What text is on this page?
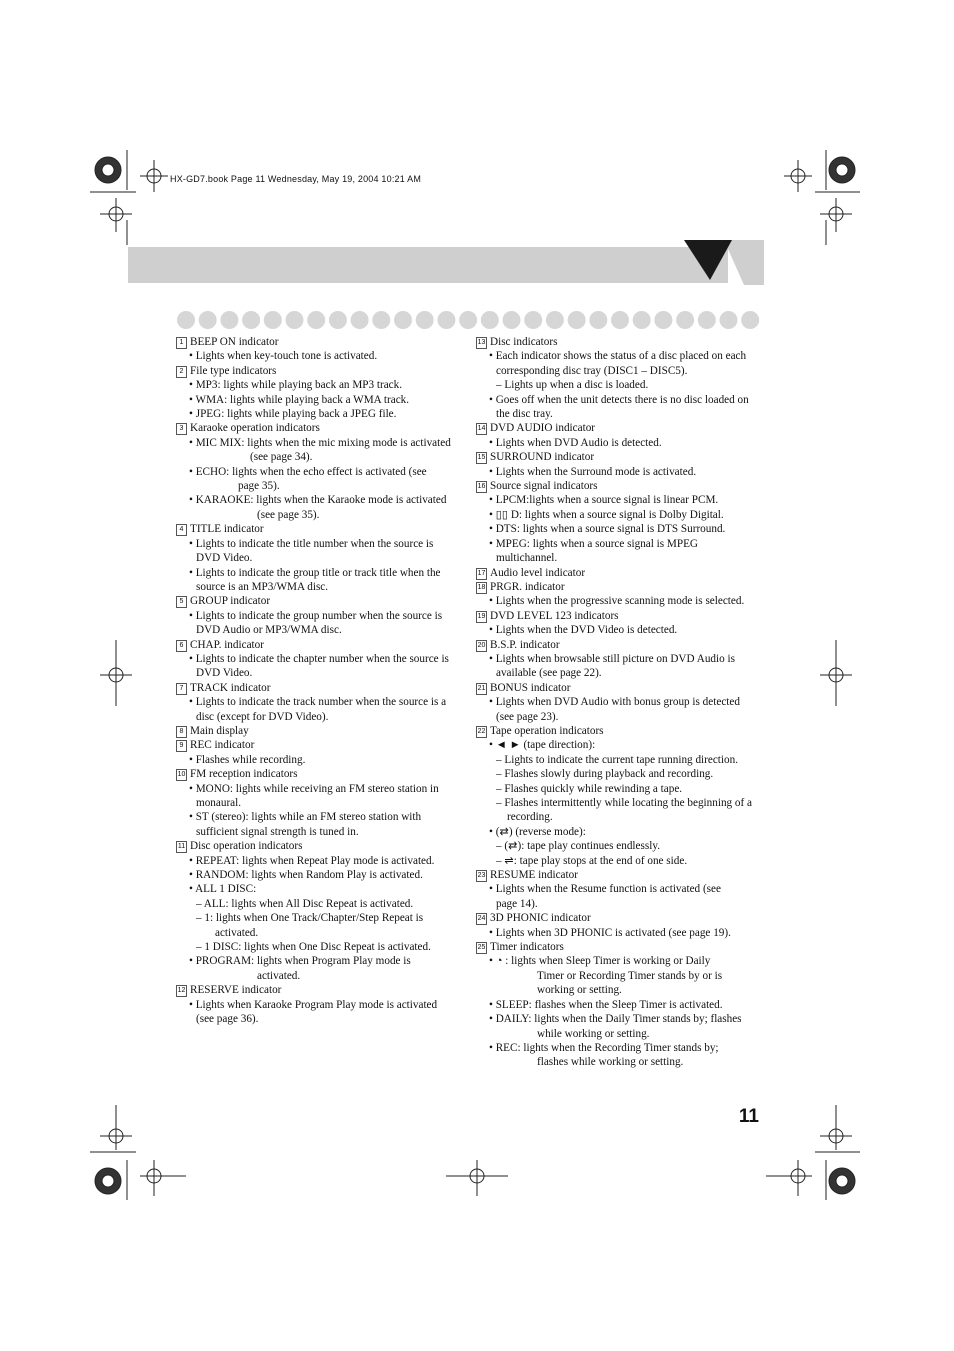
HX-GD7.book Page 11 Wednesday, May 19, 2004 10:21 AM
1 BEEP ON indicator
• Lights when key-touch tone is activated.
2 File type indicators
• MP3: lights while playing back an MP3 track.
• WMA: lights while playing back a WMA track.
• JPEG: lights while playing back a JPEG file.
3 Karaoke operation indicators
• MIC MIX: lights when the mic mixing mode is activated
(see page 34).
• ECHO: lights when the echo effect is activated (see
page 35).
• KARAOKE: lights when the Karaoke mode is activated
(see page 35).
4 TITLE indicator
• Lights to indicate the title number when the source is
DVD Video.
• Lights to indicate the group title or track title when the
source is an MP3/WMA disc.
5 GROUP indicator
• Lights to indicate the group number when the source is
DVD Audio or MP3/WMA disc.
6 CHAP. indicator
• Lights to indicate the chapter number when the source is
DVD Video.
7 TRACK indicator
• Lights to indicate the track number when the source is a
disc (except for DVD Video).
8 Main display
9 REC indicator
• Flashes while recording.
10 FM reception indicators
• MONO: lights while receiving an FM stereo station in
monaural.
• ST (stereo): lights while an FM stereo station with
sufficient signal strength is tuned in.
11 Disc operation indicators
• REPEAT: lights when Repeat Play mode is activated.
• RANDOM: lights when Random Play is activated.
• ALL 1 DISC:
– ALL: lights when All Disc Repeat is activated.
– 1: lights when One Track/Chapter/Step Repeat is
activated.
– 1 DISC: lights when One Disc Repeat is activated.
• PROGRAM: lights when Program Play mode is
activated.
12 RESERVE indicator
• Lights when Karaoke Program Play mode is activated
(see page 36).
13 Disc indicators
• Each indicator shows the status of a disc placed on each
corresponding disc tray (DISC1 – DISC5).
– Lights up when a disc is loaded.
• Goes off when the unit detects there is no disc loaded on
the disc tray.
14 DVD AUDIO indicator
• Lights when DVD Audio is detected.
15 SURROUND indicator
• Lights when the Surround mode is activated.
16 Source signal indicators
• LPCM:lights when a source signal is linear PCM.
• ▯▯ D: lights when a source signal is Dolby Digital.
• DTS: lights when a source signal is DTS Surround.
• MPEG: lights when a source signal is MPEG
multichannel.
17 Audio level indicator
18 PRGR. indicator
• Lights when the progressive scanning mode is selected.
19 DVD LEVEL 123 indicators
• Lights when the DVD Video is detected.
20 B.S.P. indicator
• Lights when browsable still picture on DVD Audio is
available (see page 22).
21 BONUS indicator
• Lights when DVD Audio with bonus group is detected
(see page 23).
22 Tape operation indicators
• ◄ ► (tape direction):
– Lights to indicate the current tape running direction.
– Flashes slowly during playback and recording.
– Flashes quickly while rewinding a tape.
– Flashes intermittently while locating the beginning of a
recording.
• (⇄) (reverse mode):
– (⇄): tape play continues endlessly.
– ⇌: tape play stops at the end of one side.
23 RESUME indicator
• Lights when the Resume function is activated (see
page 14).
24 3D PHONIC indicator
• Lights when 3D PHONIC is activated (see page 19).
25 Timer indicators
• ◔ : lights when Sleep Timer is working or Daily
Timer or Recording Timer stands by or is
working or setting.
• SLEEP: flashes when the Sleep Timer is activated.
• DAILY: lights when the Daily Timer stands by; flashes
while working or setting.
• REC: lights when the Recording Timer stands by;
flashes while working or setting.
11
